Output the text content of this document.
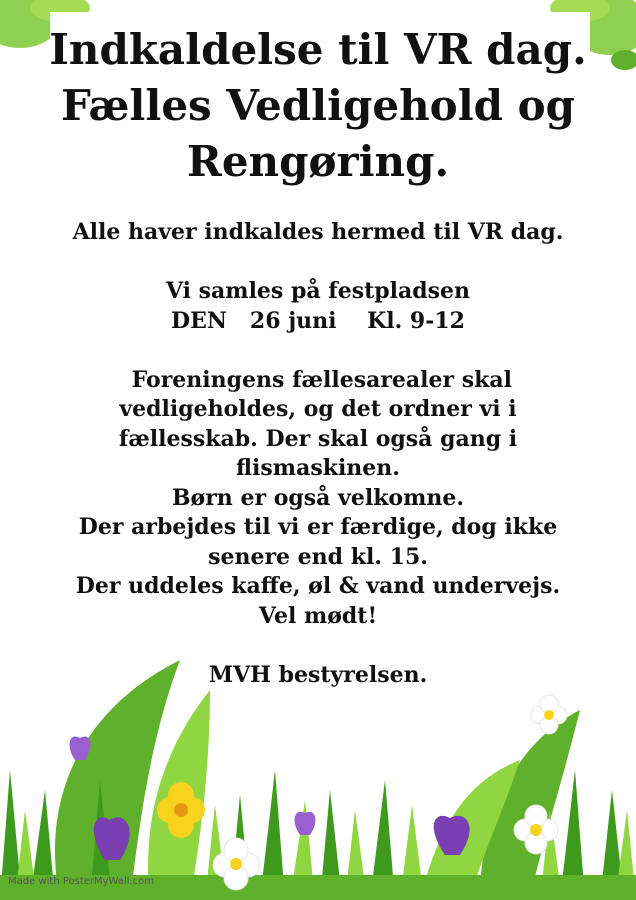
Indkaldelse til VR dag.
Fælles Vedligehold og
Rengøring.
Alle haver indkaldes hermed til VR dag.
Vi samles på festpladsen
DEN   26 juni    Kl. 9-12
Foreningens fællesarealer skal
vedligeholdes, og det ordner vi i
fællesskab. Der skal også gang i
flismaskinen.
Børn er også velkomne.
Der arbejdes til vi er færdige, dog ikke
senere end kl. 15.
Der uddeles kaffe, øl & vand undervejs.
Vel mødt!
MVH bestyrelsen.
Made with PosterMyWall.com
